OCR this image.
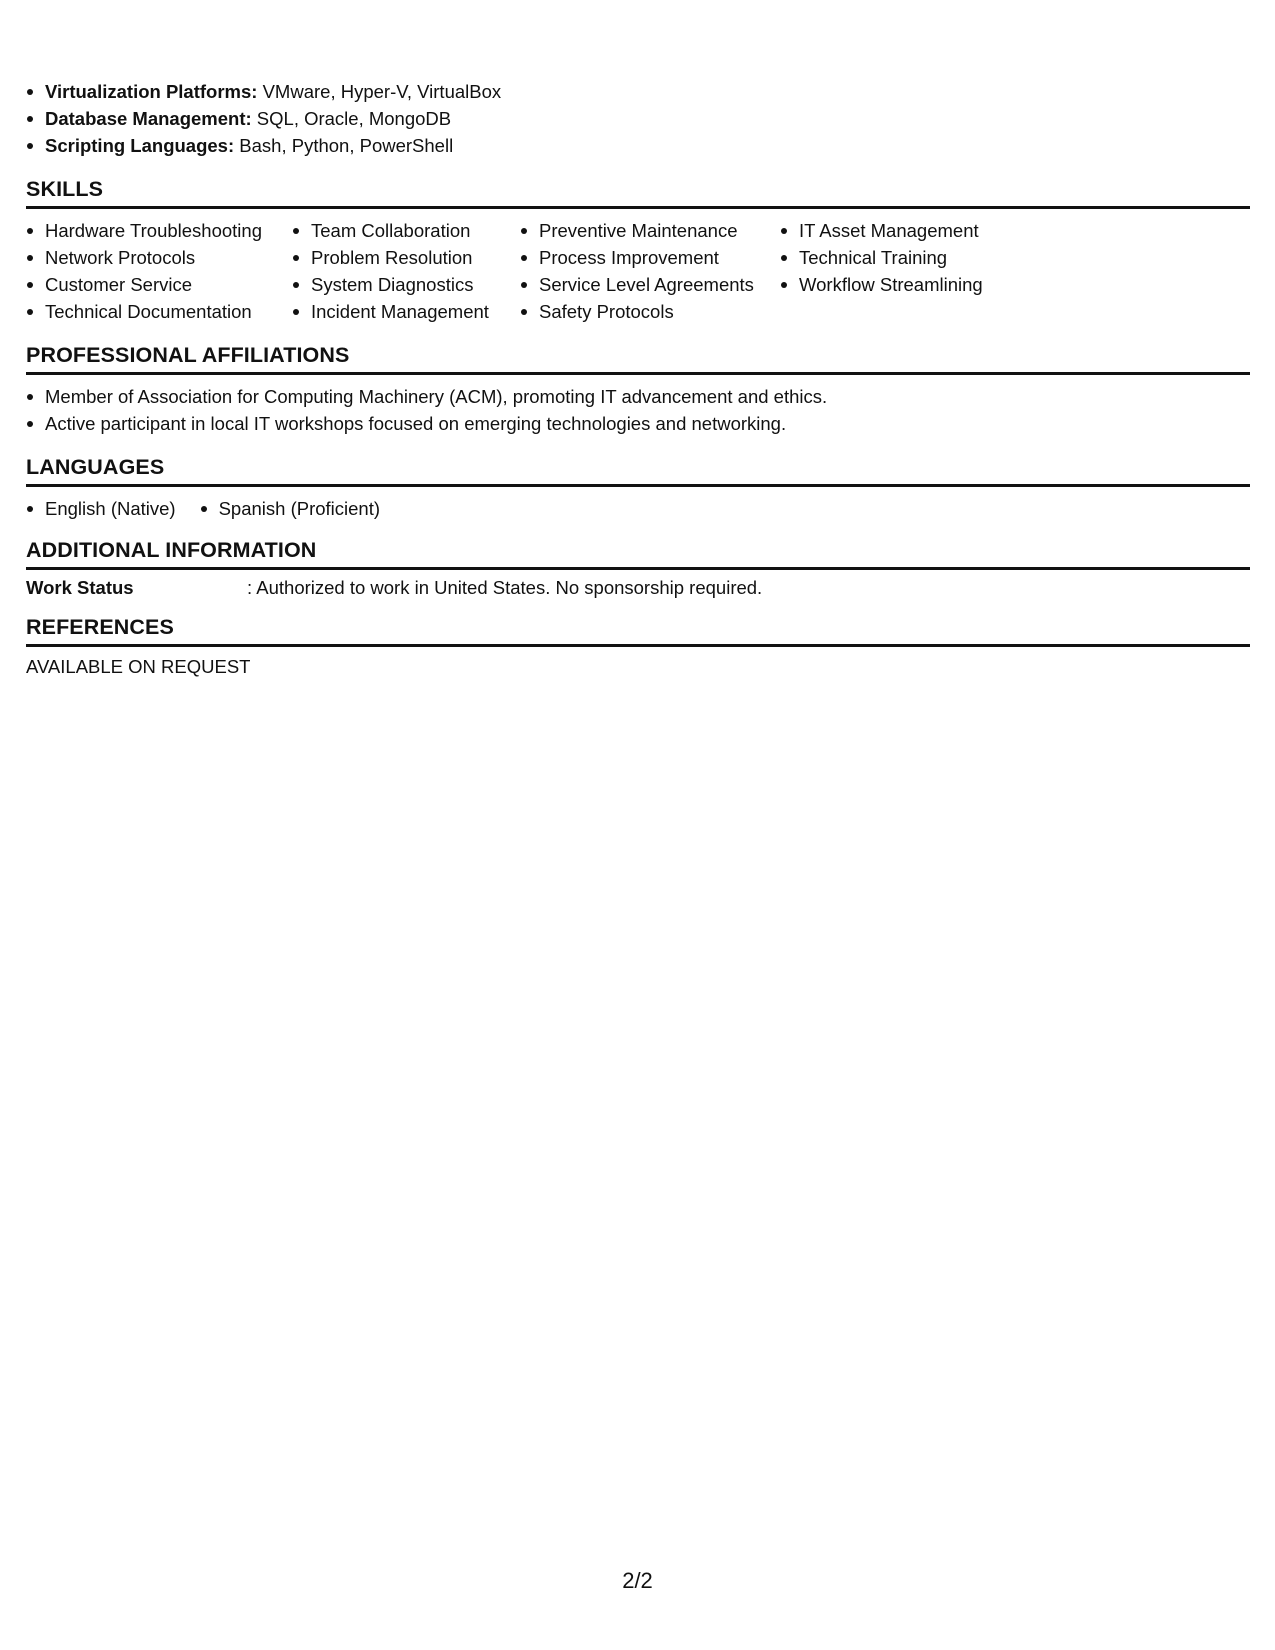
Virtualization Platforms: VMware, Hyper-V, VirtualBox
Database Management: SQL, Oracle, MongoDB
Scripting Languages: Bash, Python, PowerShell
SKILLS
Hardware Troubleshooting
Network Protocols
Customer Service
Technical Documentation
Team Collaboration
Problem Resolution
System Diagnostics
Incident Management
Preventive Maintenance
Process Improvement
Service Level Agreements
Safety Protocols
IT Asset Management
Technical Training
Workflow Streamlining
PROFESSIONAL AFFILIATIONS
Member of Association for Computing Machinery (ACM), promoting IT advancement and ethics.
Active participant in local IT workshops focused on emerging technologies and networking.
LANGUAGES
English (Native)	Spanish (Proficient)
ADDITIONAL INFORMATION
Work Status	: Authorized to work in United States. No sponsorship required.
REFERENCES
AVAILABLE ON REQUEST
2/2
